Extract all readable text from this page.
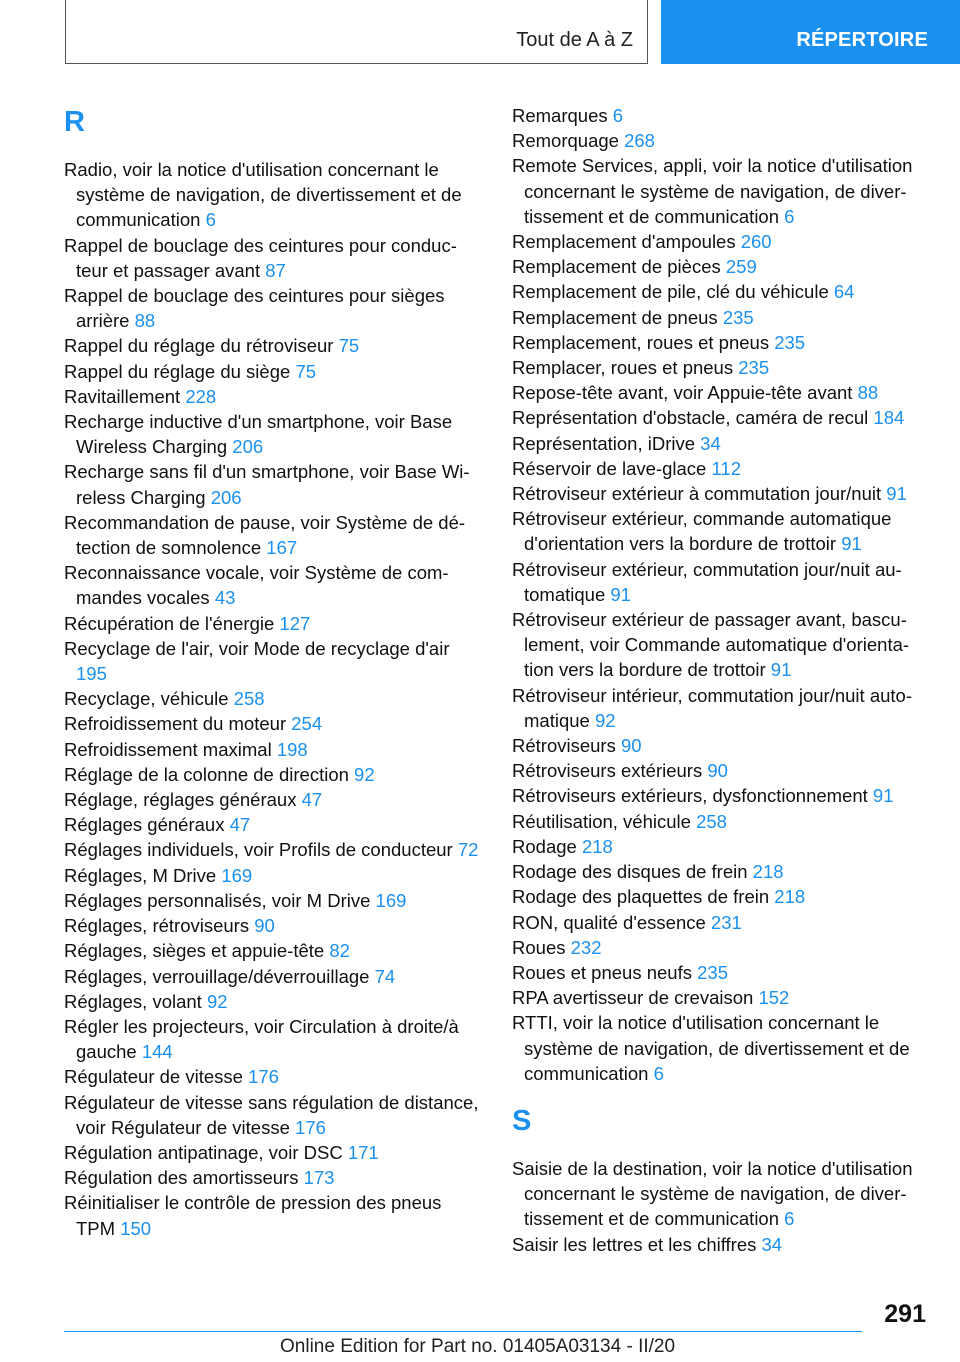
Tout de A à Z	RÉPERTOIRE
R
Radio, voir la notice d'utilisation concernant le système de navigation, de divertissement et de communication 6
Rappel de bouclage des ceintures pour conducteur et passager avant 87
Rappel de bouclage des ceintures pour sièges arrière 88
Rappel du réglage du rétroviseur 75
Rappel du réglage du siège 75
Ravitaillement 228
Recharge inductive d'un smartphone, voir Base Wireless Charging 206
Recharge sans fil d'un smartphone, voir Base Wireless Charging 206
Recommandation de pause, voir Système de détection de somnolence 167
Reconnaissance vocale, voir Système de commandes vocales 43
Récupération de l'énergie 127
Recyclage de l'air, voir Mode de recyclage d'air 195
Recyclage, véhicule 258
Refroidissement du moteur 254
Refroidissement maximal 198
Réglage de la colonne de direction 92
Réglage, réglages généraux 47
Réglages généraux 47
Réglages individuels, voir Profils de conducteur 72
Réglages, M Drive 169
Réglages personnalisés, voir M Drive 169
Réglages, rétroviseurs 90
Réglages, sièges et appuie-tête 82
Réglages, verrouillage/déverrouillage 74
Réglages, volant 92
Régler les projecteurs, voir Circulation à droite/à gauche 144
Régulateur de vitesse 176
Régulateur de vitesse sans régulation de distance, voir Régulateur de vitesse 176
Régulation antipatinage, voir DSC 171
Régulation des amortisseurs 173
Réinitialiser le contrôle de pression des pneus TPM 150
Remarques 6
Remorquage 268
Remote Services, appli, voir la notice d'utilisation concernant le système de navigation, de divertissement et de communication 6
Remplacement d'ampoules 260
Remplacement de pièces 259
Remplacement de pile, clé du véhicule 64
Remplacement de pneus 235
Remplacement, roues et pneus 235
Remplacer, roues et pneus 235
Repose-tête avant, voir Appuie-tête avant 88
Représentation d'obstacle, caméra de recul 184
Représentation, iDrive 34
Réservoir de lave-glace 112
Rétroviseur extérieur à commutation jour/nuit 91
Rétroviseur extérieur, commande automatique d'orientation vers la bordure de trottoir 91
Rétroviseur extérieur, commutation jour/nuit automatique 91
Rétroviseur extérieur de passager avant, basculement, voir Commande automatique d'orientation vers la bordure de trottoir 91
Rétroviseur intérieur, commutation jour/nuit automatique 92
Rétroviseurs 90
Rétroviseurs extérieurs 90
Rétroviseurs extérieurs, dysfonctionnement 91
Réutilisation, véhicule 258
Rodage 218
Rodage des disques de frein 218
Rodage des plaquettes de frein 218
RON, qualité d'essence 231
Roues 232
Roues et pneus neufs 235
RPA avertisseur de crevaison 152
RTTI, voir la notice d'utilisation concernant le système de navigation, de divertissement et de communication 6
S
Saisie de la destination, voir la notice d'utilisation concernant le système de navigation, de divertissement et de communication 6
Saisir les lettres et les chiffres 34
291
Online Edition for Part no. 01405A03134 - II/20
